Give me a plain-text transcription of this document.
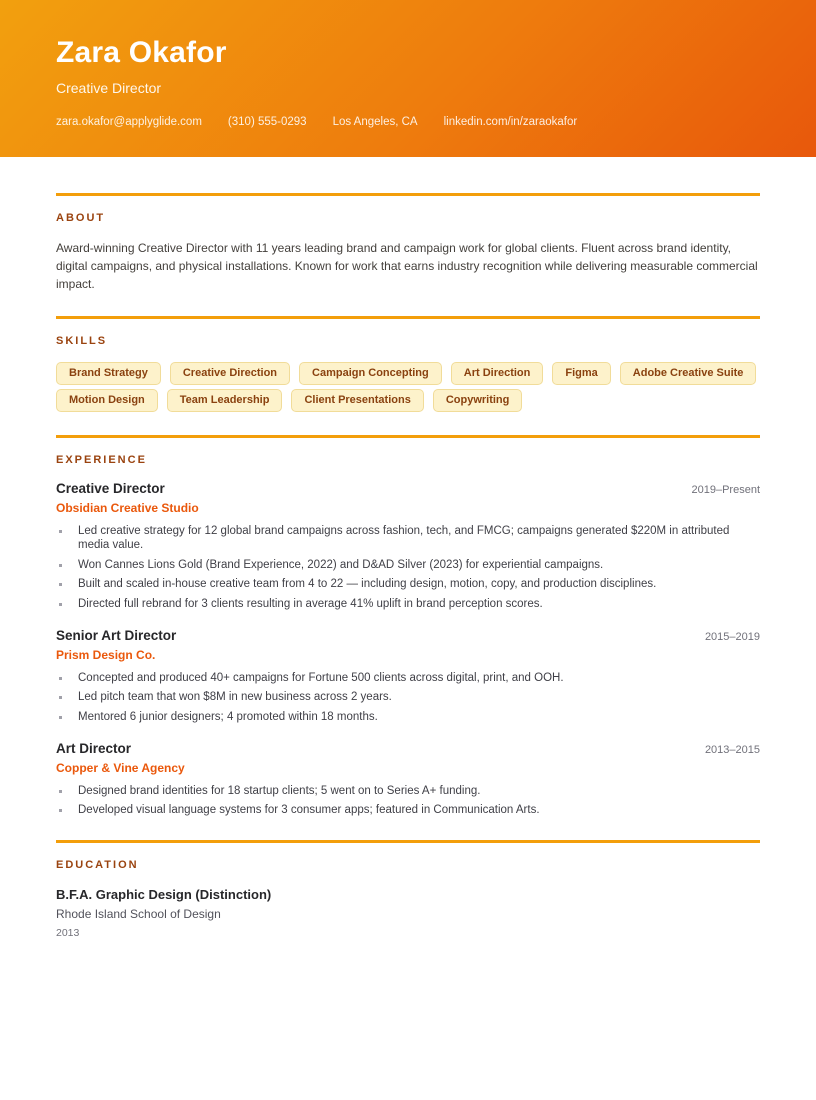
Zara Okafor
Creative Director
zara.okafor@applyglide.com (310) 555-0293 Los Angeles, CA linkedin.com/in/zaraokafor
ABOUT

Award-winning Creative Director with 11 years leading brand and campaign work for global clients. Fluent across brand identity, digital campaigns, and physical installations. Known for work that earns industry recognition while delivering measurable commercial impact.

SKILLS
Brand Strategy	Creative Direction	Campaign Concepting	Art Direction	Figma	Adobe Creative Suite
Motion Design	Team Leadership	Client Presentations	Copywriting
EXPERIENCE
Creative Director	2019–Present
Obsidian Creative Studio
Led creative strategy for 12 global brand campaigns across fashion, tech, and FMCG; campaigns generated $220M in attributed media value.
Won Cannes Lions Gold (Brand Experience, 2022) and D&AD Silver (2023) for experiential campaigns.
Built and scaled in-house creative team from 4 to 22 — including design, motion, copy, and production disciplines.
Directed full rebrand for 3 clients resulting in average 41% uplift in brand perception scores.
Senior Art Director	2015–2019
Prism Design Co.
Concepted and produced 40+ campaigns for Fortune 500 clients across digital, print, and OOH.
Led pitch team that won $8M in new business across 2 years.
Mentored 6 junior designers; 4 promoted within 18 months.
Art Director	2013–2015
Copper & Vine Agency
Designed brand identities for 18 startup clients; 5 went on to Series A+ funding.
Developed visual language systems for 3 consumer apps; featured in Communication Arts.
EDUCATION
B.F.A. Graphic Design (Distinction)
Rhode Island School of Design
2013
